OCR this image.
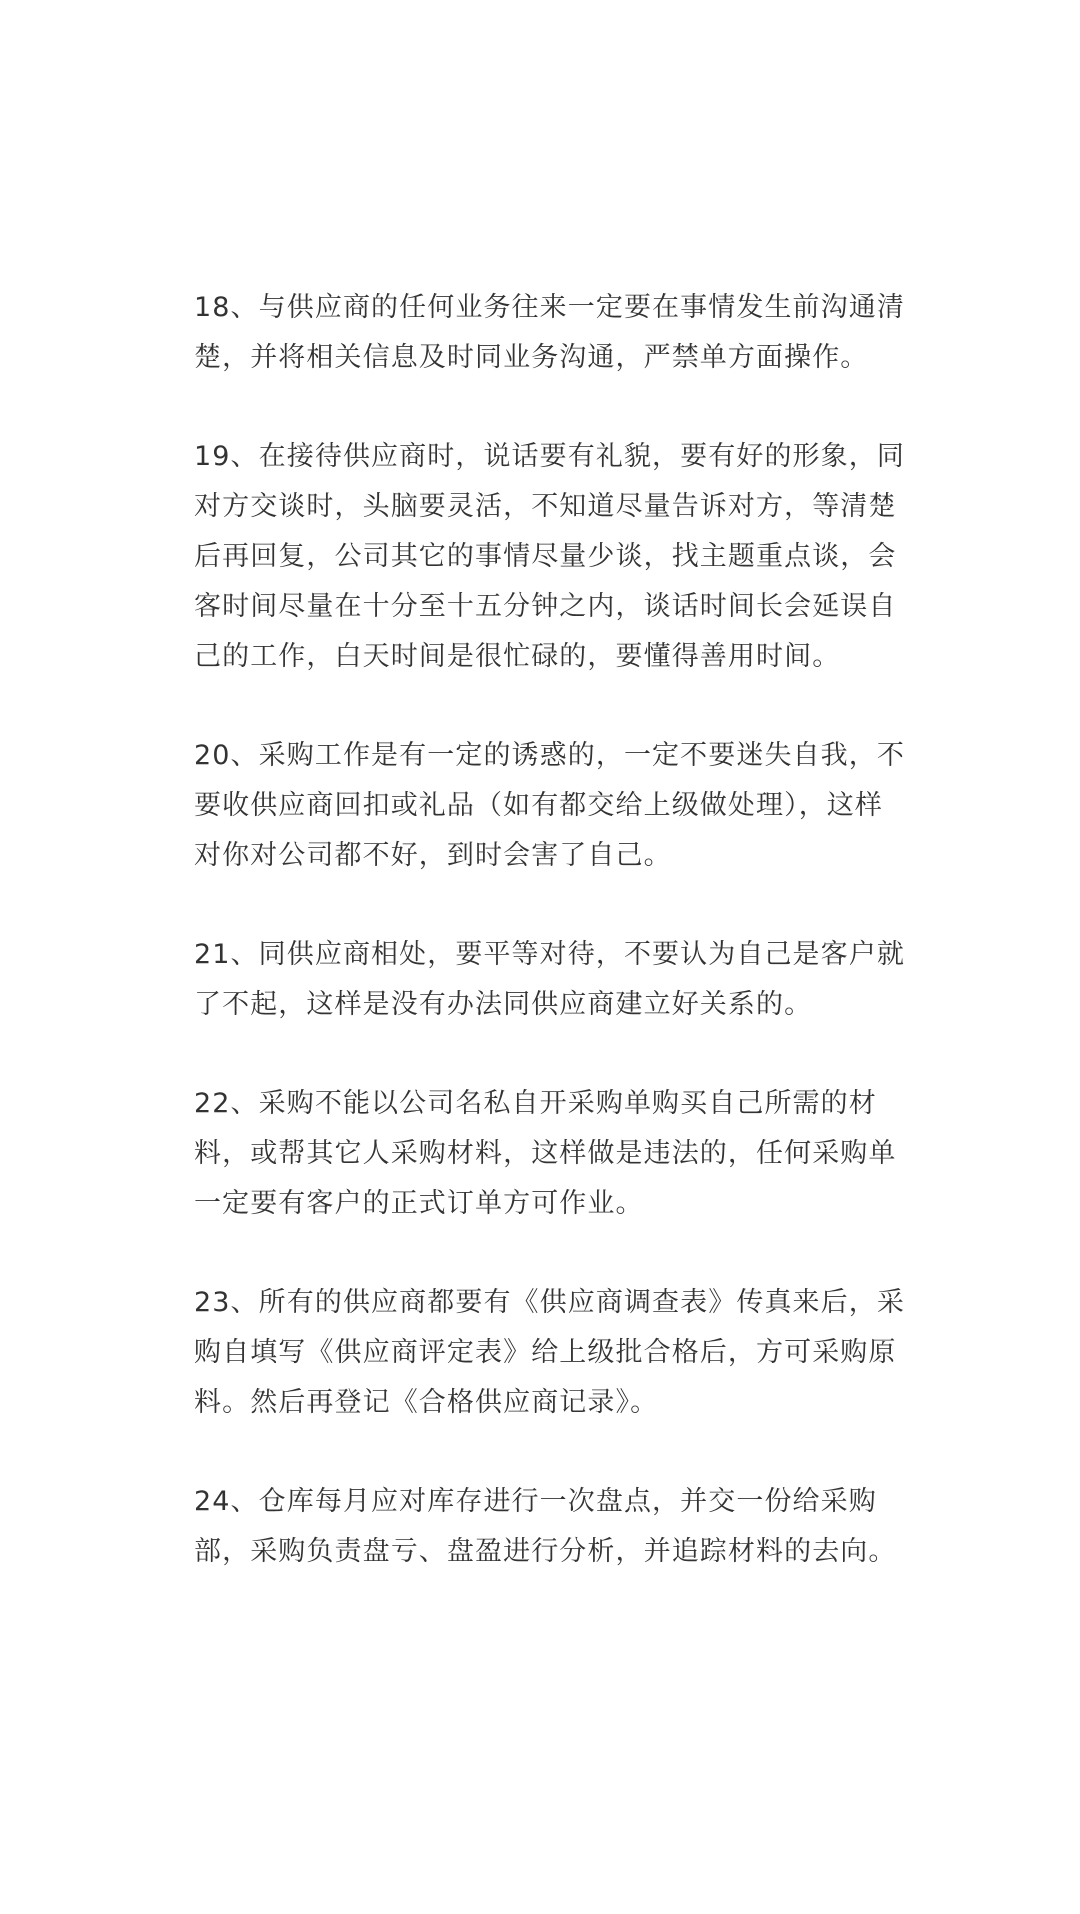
18、与供应商的任何业务往来一定要在事情发生前沟通清
楚，并将相关信息及时同业务沟通，严禁单方面操作。
19、在接待供应商时，说话要有礼貌，要有好的形象，同
对方交谈时，头脑要灵活，不知道尽量告诉对方，等清楚
后再回复，公司其它的事情尽量少谈，找主题重点谈，会
客时间尽量在十分至十五分钟之内，谈话时间长会延误自
己的工作，白天时间是很忙碌的，要懂得善用时间。
20、采购工作是有一定的诱惑的，一定不要迷失自我，不
要收供应商回扣或礼品（如有都交给上级做处理），这样
对你对公司都不好，到时会害了自己。
21、同供应商相处，要平等对待，不要认为自己是客户就
了不起，这样是没有办法同供应商建立好关系的。
22、采购不能以公司名私自开采购单购买自己所需的材
料，或帮其它人采购材料，这样做是违法的，任何采购单
一定要有客户的正式订单方可作业。
23、所有的供应商都要有《供应商调查表》传真来后，采
购自填写《供应商评定表》给上级批合格后，方可采购原
料。然后再登记《合格供应商记录》。
24、仓库每月应对库存进行一次盘点，并交一份给采购
部，采购负责盘亏、盘盈进行分析，并追踪材料的去向。
